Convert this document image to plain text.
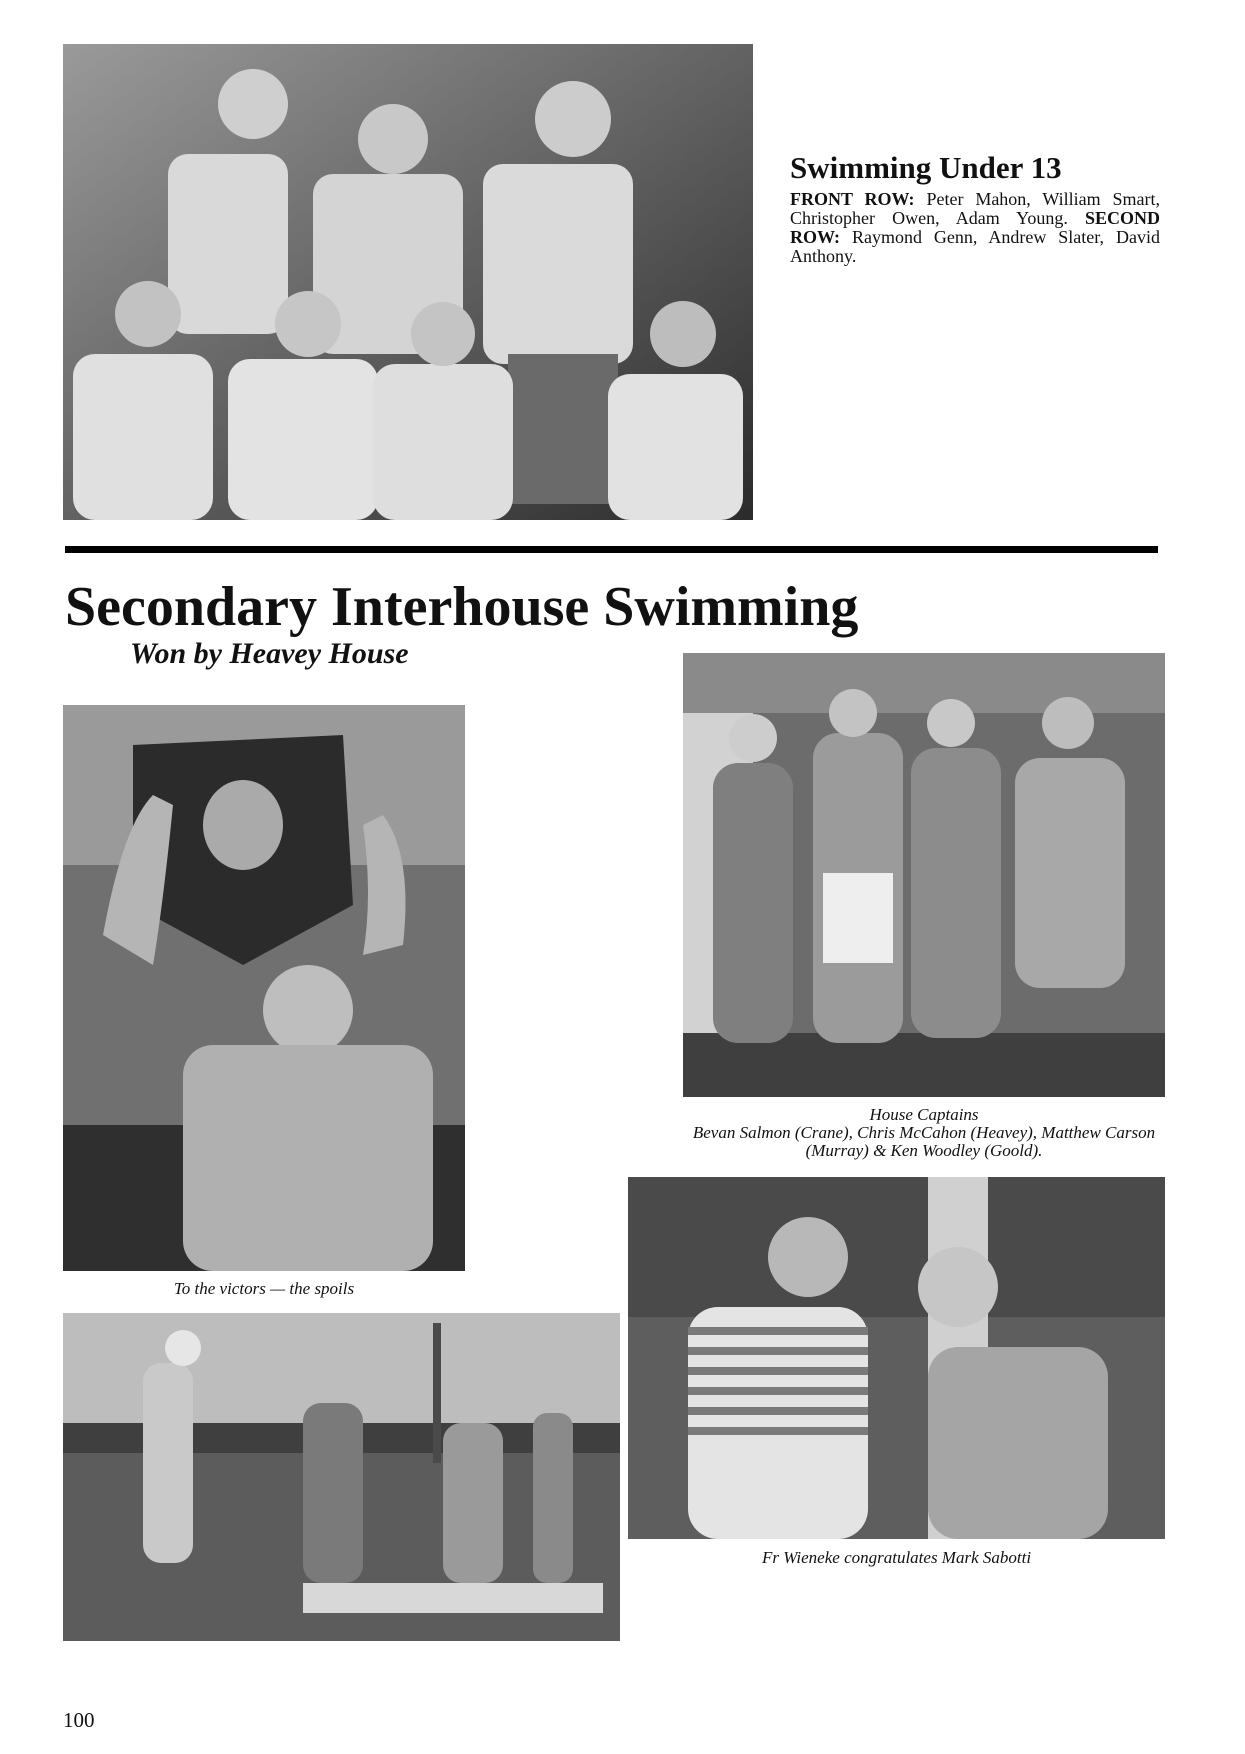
Swimming Under 13

FRONT ROW: Peter Mahon, William Smart, Christopher Owen, Adam Young. SECOND ROW: Raymond Genn, Andrew Slater, David Anthony.

Secondary Interhouse Swimming
Won by Heavey House
House Captains
Bevan Salmon (Crane), Chris McCahon (Heavey), Matthew Carson (Murray) & Ken Woodley (Goold).
To the victors — the spoils
Fr Wieneke congratulates Mark Sabotti
100
